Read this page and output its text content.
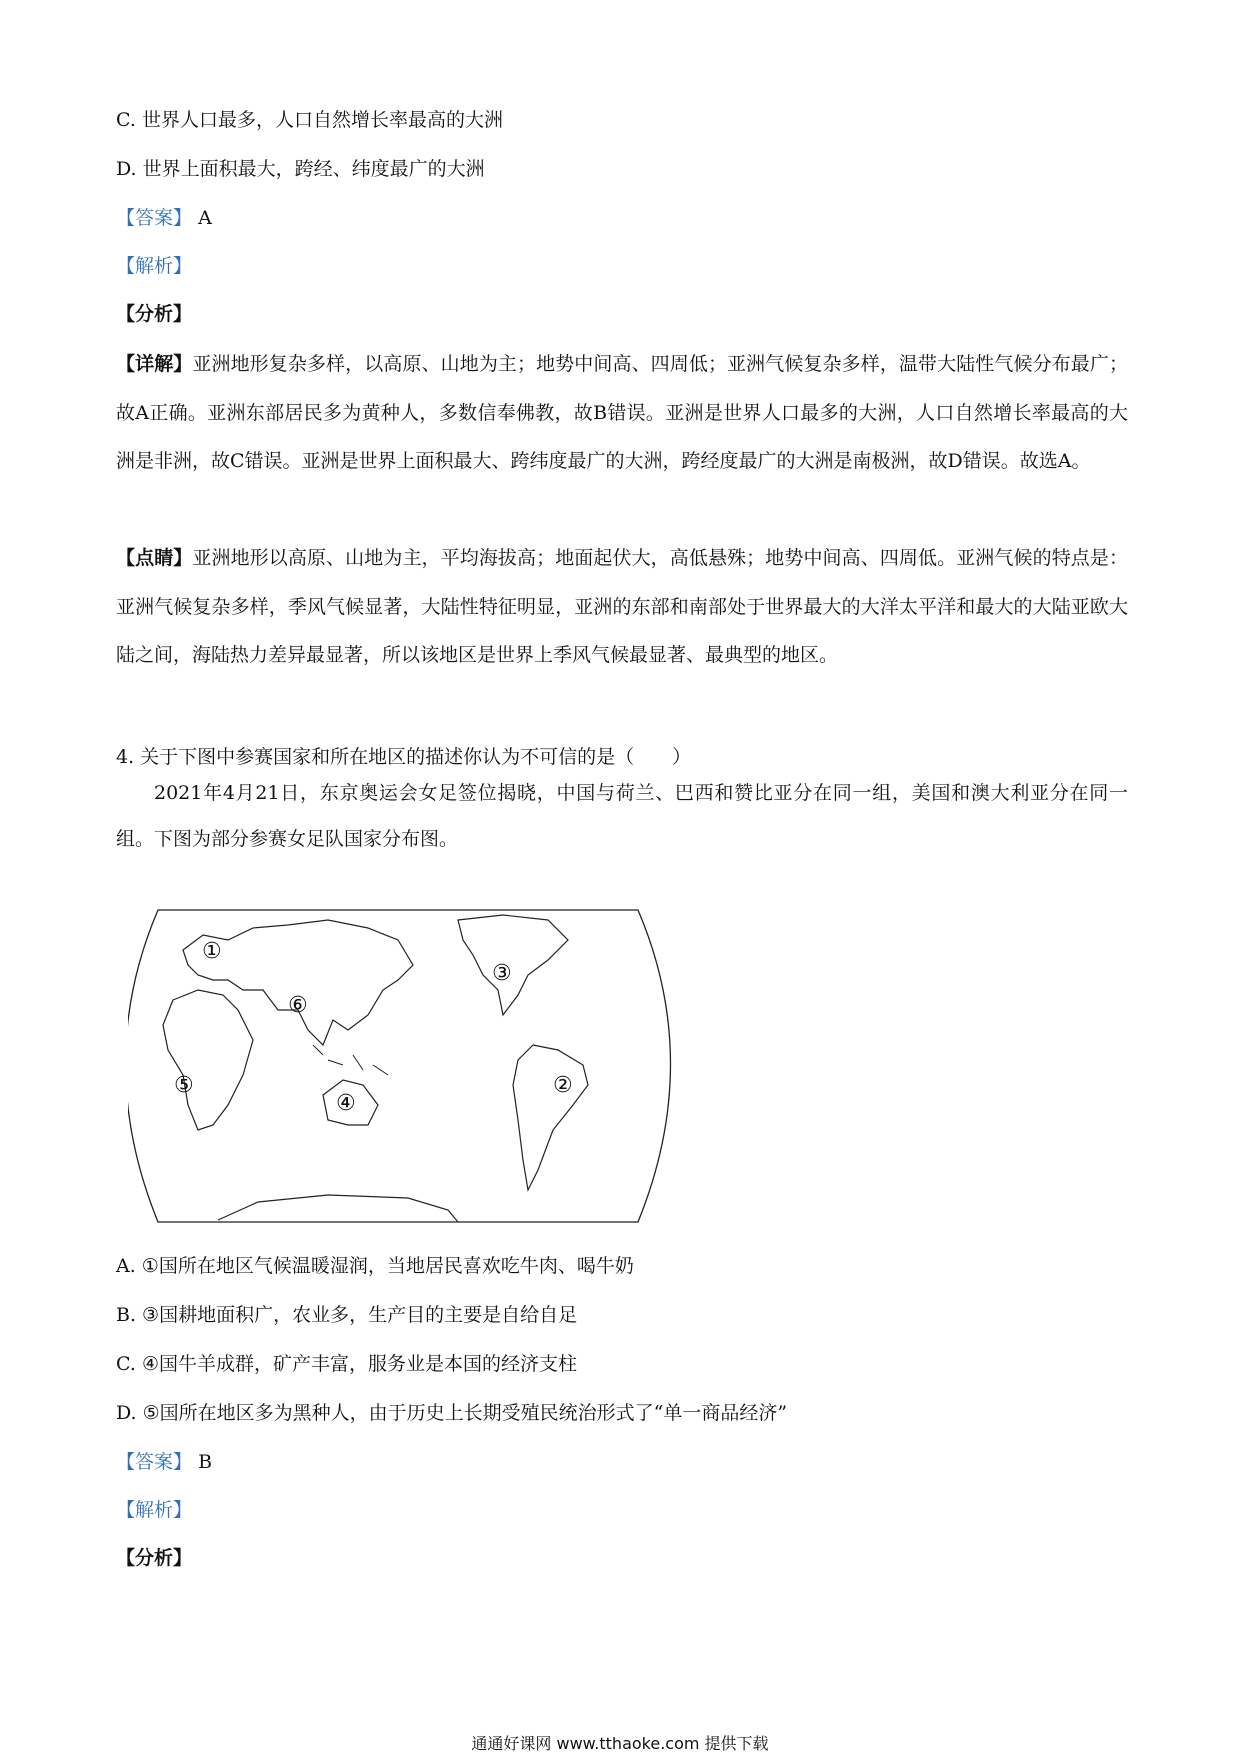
C. 世界人口最多，人口自然增长率最高的大洲
D. 世界上面积最大，跨经、纬度最广的大洲
【答案】 A
【解析】
【分析】
【详解】亚洲地形复杂多样，以高原、山地为主；地势中间高、四周低；亚洲气候复杂多样，温带大陆性气候分布最广；故A正确。亚洲东部居民多为黄种人，多数信奉佛教，故B错误。亚洲是世界人口最多的大洲，人口自然增长率最高的大洲是非洲，故C错误。亚洲是世界上面积最大、跨纬度最广的大洲，跨经度最广的大洲是南极洲，故D错误。故选A。
【点睛】亚洲地形以高原、山地为主，平均海拔高；地面起伏大，高低悬殊；地势中间高、四周低。亚洲气候的特点是：亚洲气候复杂多样，季风气候显著，大陆性特征明显，亚洲的东部和南部处于世界最大的大洋太平洋和最大的大陆亚欧大陆之间，海陆热力差异最显著，所以该地区是世界上季风气候最显著、最典型的地区。
4. 关于下图中参赛国家和所在地区的描述你认为不可信的是（　　）
2021年4月21日，东京奥运会女足签位揭晓，中国与荷兰、巴西和赞比亚分在同一组，美国和澳大利亚分在同一组。下图为部分参赛女足队国家分布图。
①
②
③
④
⑤
⑥
A. ①国所在地区气候温暖湿润，当地居民喜欢吃牛肉、喝牛奶
B. ③国耕地面积广，农业多，生产目的主要是自给自足
C. ④国牛羊成群，矿产丰富，服务业是本国的经济支柱
D. ⑤国所在地区多为黑种人，由于历史上长期受殖民统治形式了“单一商品经济”
【答案】 B
【解析】
【分析】
通通好课网 www.tthaoke.com 提供下载
